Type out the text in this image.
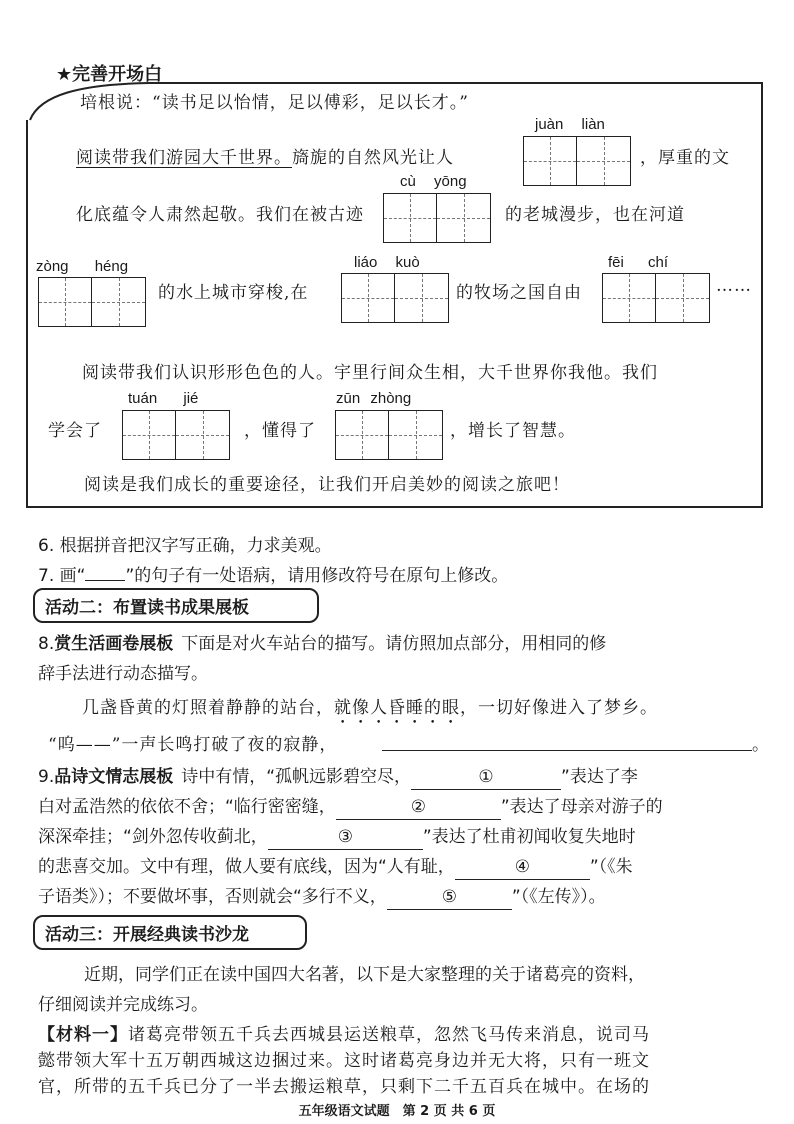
★完善开场白
培根说：“读书足以怡情，足以傅彩，足以长才。”
阅读带我们游园大千世界。旖旎的自然风光让人
juàn liàn
，厚重的文
化底蕴令人肃然起敬。我们在被古迹
cù yōng
的老城漫步，也在河道
zòng héng
的水上城市穿梭,在
liáo kuò
的牧场之国自由
fēi chí
……
阅读带我们认识形形色色的人。宇里行间众生相，大千世界你我他。我们
学会了
tuán jié
，懂得了
zūn zhòng
，增长了智慧。
阅读是我们成长的重要途径，让我们开启美妙的阅读之旅吧！
6. 根据拼音把汉字写正确，力求美观。
7. 画“ ”的句子有一处语病，请用修改符号在原句上修改。
活动二：布置读书成果展板
8.赏生活画卷展板 下面是对火车站台的描写。请仿照加点部分，用相同的修
辞手法进行动态描写。
几盏昏黄的灯照着静静的站台，就像人昏睡的眼，一切好像进入了梦乡。
“呜——”一声长鸣打破了夜的寂静，	。
9.品诗文情志展板 诗中有情，“孤帆远影碧空尽，	①	”表达了李
白对孟浩然的依依不舍；“临行密密缝，	②	”表达了母亲对游子的
深深牵挂；“剑外忽传收蓟北，	③	”表达了杜甫初闻收复失地时
的悲喜交加。文中有理，做人要有底线，因为“人有耻，	④	”（《朱
子语类》）；不要做坏事，否则就会“多行不义，	⑤	”（《左传》）。
活动三：开展经典读书沙龙
近期，同学们正在读中国四大名著，以下是大家整理的关于诸葛亮的资料，
仔细阅读并完成练习。
【材料一】诸葛亮带领五千兵去西城县运送粮草，忽然飞马传来消息，说司马
懿带领大军十五万朝西城这边捆过来。这时诸葛亮身边并无大将，只有一班文
官，所带的五千兵已分了一半去搬运粮草，只剩下二千五百兵在城中。在场的
五年级语文试题　第 2 页 共 6 页
